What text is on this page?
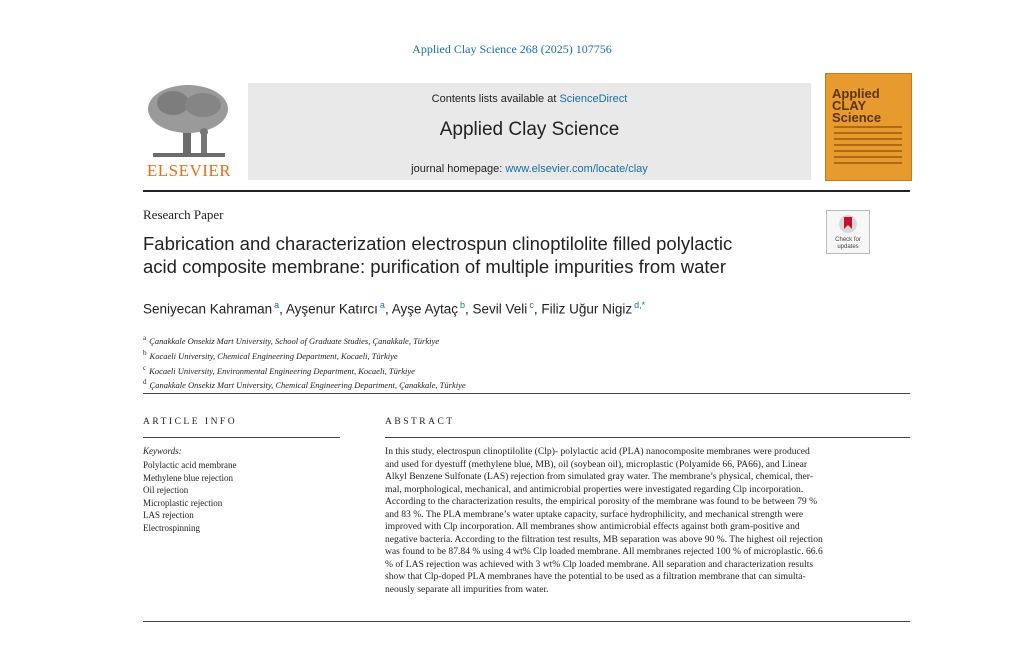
Applied Clay Science 268 (2025) 107756
ELSEVIER
Contents lists available at ScienceDirect
Applied Clay Science
journal homepage: www.elsevier.com/locate/clay
Applied CLAY Science
Research Paper
Fabrication and characterization electrospun clinoptilolite filled polylactic
acid composite membrane: purification of multiple impurities from water
Check for updates
Seniyecan Kahraman $^a$, Ayşenur Katırcı $^a$, Ayşe Aytaç $^b$, Sevil Veli $^c$, Filiz Uğur Nigiz $^{d,*}$
$^a$ Çanakkale Onsekiz Mart University, School of Graduate Studies, Çanakkale, Türkiye
$^b$ Kocaeli University, Chemical Engineering Department, Kocaeli, Türkiye
$^c$ Kocaeli University, Environmental Engineering Department, Kocaeli, Türkiye
$^d$ Çanakkale Onsekiz Mart University, Chemical Engineering Department, Çanakkale, Türkiye
ARTICLE INFO	ABSTRACT
Keywords:
Polylactic acid membrane
Methylene blue rejection
Oil rejection
Microplastic rejection
LAS rejection
Electrospinning
In this study, electrospun clinoptilolite (Clp)- polylactic acid (PLA) nanocomposite membranes were produced
and used for dyestuff (methylene blue, MB), oil (soybean oil), microplastic (Polyamide 66, PA66), and Linear
Alkyl Benzene Sulfonate (LAS) rejection from simulated gray water. The membrane’s physical, chemical, ther-
mal, morphological, mechanical, and antimicrobial properties were investigated regarding Clp incorporation.
According to the characterization results, the empirical porosity of the membrane was found to be between 79 %
and 83 %. The PLA membrane’s water uptake capacity, surface hydrophilicity, and mechanical strength were
improved with Clp incorporation. All membranes show antimicrobial effects against both gram-positive and
negative bacteria. According to the filtration test results, MB separation was above 90 %. The highest oil rejection
was found to be 87.84 % using 4 wt% Clp loaded membrane. All membranes rejected 100 % of microplastic. 66.6
% of LAS rejection was achieved with 3 wt% Clp loaded membrane. All separation and characterization results
show that Clp-doped PLA membranes have the potential to be used as a filtration membrane that can simulta-
neously separate all impurities from water.
